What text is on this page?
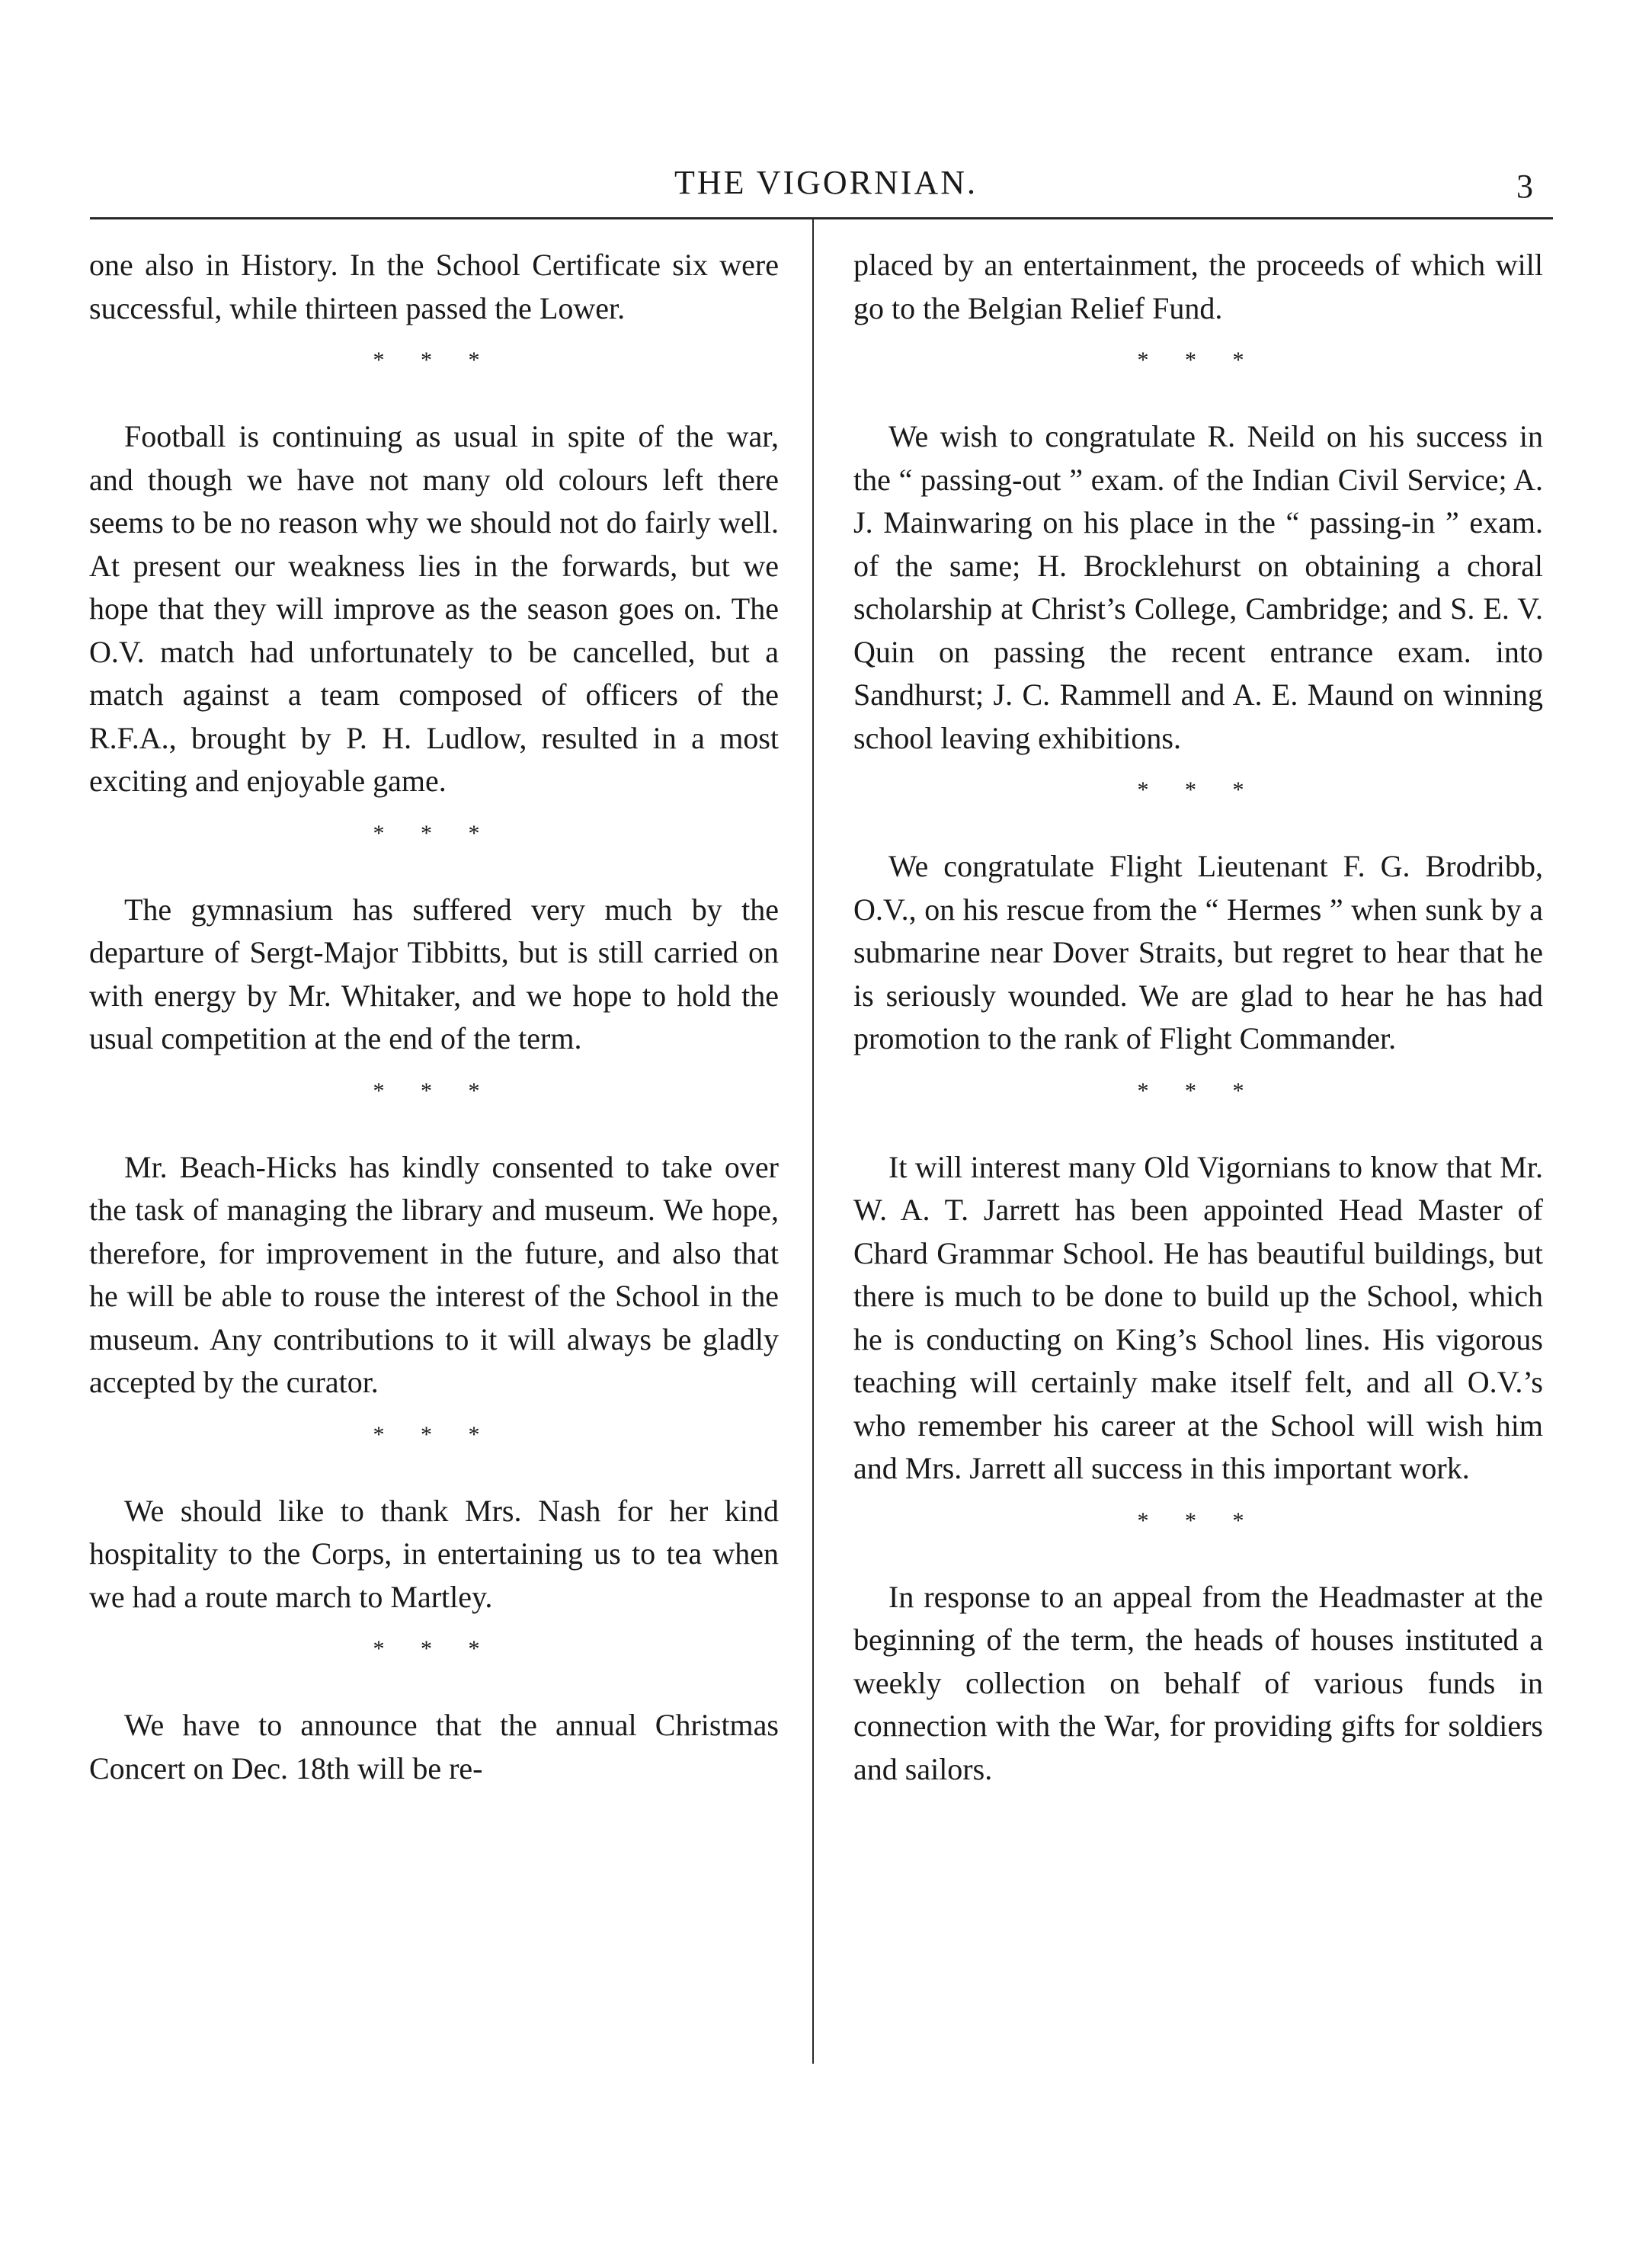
THE VIGORNIAN.	3

one also in History. In the School Certificate six were successful, while thirteen passed the Lower.

* * *

Football is continuing as usual in spite of the war, and though we have not many old colours left there seems to be no reason why we should not do fairly well. At present our weakness lies in the forwards, but we hope that they will improve as the season goes on. The O.V. match had unfortunately to be cancelled, but a match against a team composed of officers of the R.F.A., brought by P. H. Ludlow, resulted in a most exciting and enjoyable game.

* * *

The gymnasium has suffered very much by the departure of Sergt-Major Tibbitts, but is still carried on with energy by Mr. Whitaker, and we hope to hold the usual competition at the end of the term.

* * *

Mr. Beach-Hicks has kindly consented to take over the task of managing the library and museum. We hope, therefore, for improvement in the future, and also that he will be able to rouse the interest of the School in the museum. Any contributions to it will always be gladly accepted by the curator.

* * *

We should like to thank Mrs. Nash for her kind hospitality to the Corps, in entertaining us to tea when we had a route march to Martley.

* * *

We have to announce that the annual Christmas Concert on Dec. 18th will be re-

placed by an entertainment, the proceeds of which will go to the Belgian Relief Fund.

* * *

We wish to congratulate R. Neild on his success in the “ passing-out ” exam. of the Indian Civil Service; A. J. Mainwaring on his place in the “ passing-in ” exam. of the same; H. Brocklehurst on obtaining a choral scholarship at Christ’s College, Cambridge; and S. E. V. Quin on passing the recent entrance exam. into Sandhurst; J. C. Rammell and A. E. Maund on winning school leaving exhibitions.

* * *

We congratulate Flight Lieutenant F. G. Brodribb, O.V., on his rescue from the “ Hermes ” when sunk by a submarine near Dover Straits, but regret to hear that he is seriously wounded. We are glad to hear he has had promotion to the rank of Flight Commander.

* * *

It will interest many Old Vigornians to know that Mr. W. A. T. Jarrett has been appointed Head Master of Chard Grammar School. He has beautiful buildings, but there is much to be done to build up the School, which he is conducting on King’s School lines. His vigorous teaching will certainly make itself felt, and all O.V.’s who remember his career at the School will wish him and Mrs. Jarrett all success in this important work.

* * *

In response to an appeal from the Headmaster at the beginning of the term, the heads of houses instituted a weekly collection on behalf of various funds in connection with the War, for providing gifts for soldiers and sailors.
